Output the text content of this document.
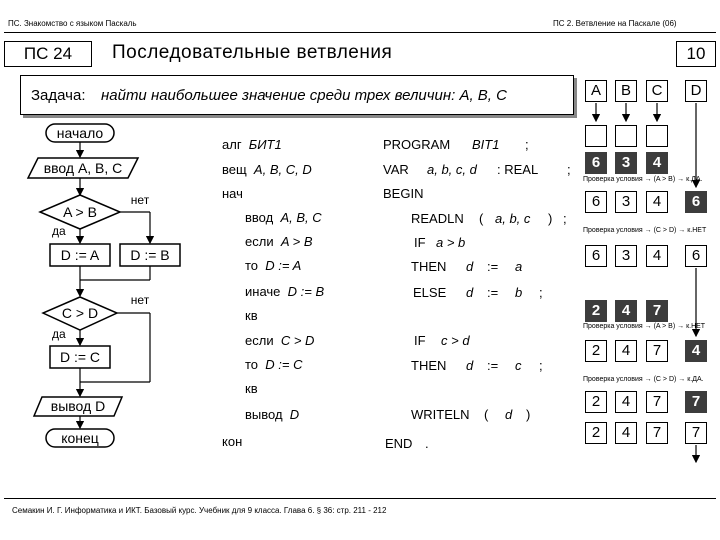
ПС. Знакомство с языком Паскаль	ПС 2. Ветвление на Паскале (06)
ПС 24	Последовательные ветвления	10
Задача: найти наибольшее значение среди трех величин: A, B, C
начало
ввод A, B, C
A > B
нет
да
D := A D := B
C > D
нет
да
D := C
вывод D
конец
алг БИТ1
вещ A, B, C, D
нач
ввод A, B, C
если A > B
то D := A
иначе D := B
кв
если C > D
то D := C
кв
вывод D
кон
PROGRAM BIT1 ;
VAR a, b, c, d : REAL ;
BEGIN
READLN ( a, b, c ) ;
IF a > b
THEN d := a
ELSE d := b ;
IF c > d
THEN d := c ;
WRITELN ( d )
END .
A	B	C	D
6	3	4
Проверка условия → (A > B) → к.ДА.
6	3	4	6
Проверка условия → (C > D) → к.НЕТ
6	3	4	6
2	4	7
Проверка условия → (A > B) → к.НЕТ
2	4	7	4
Проверка условия → (C > D) → к.ДА.
2	4	7	7
2	4	7	7
Семакин И. Г. Информатика и ИКТ. Базовый курс. Учебник для 9 класса. Глава 6. § 36: стр. 211 - 212
